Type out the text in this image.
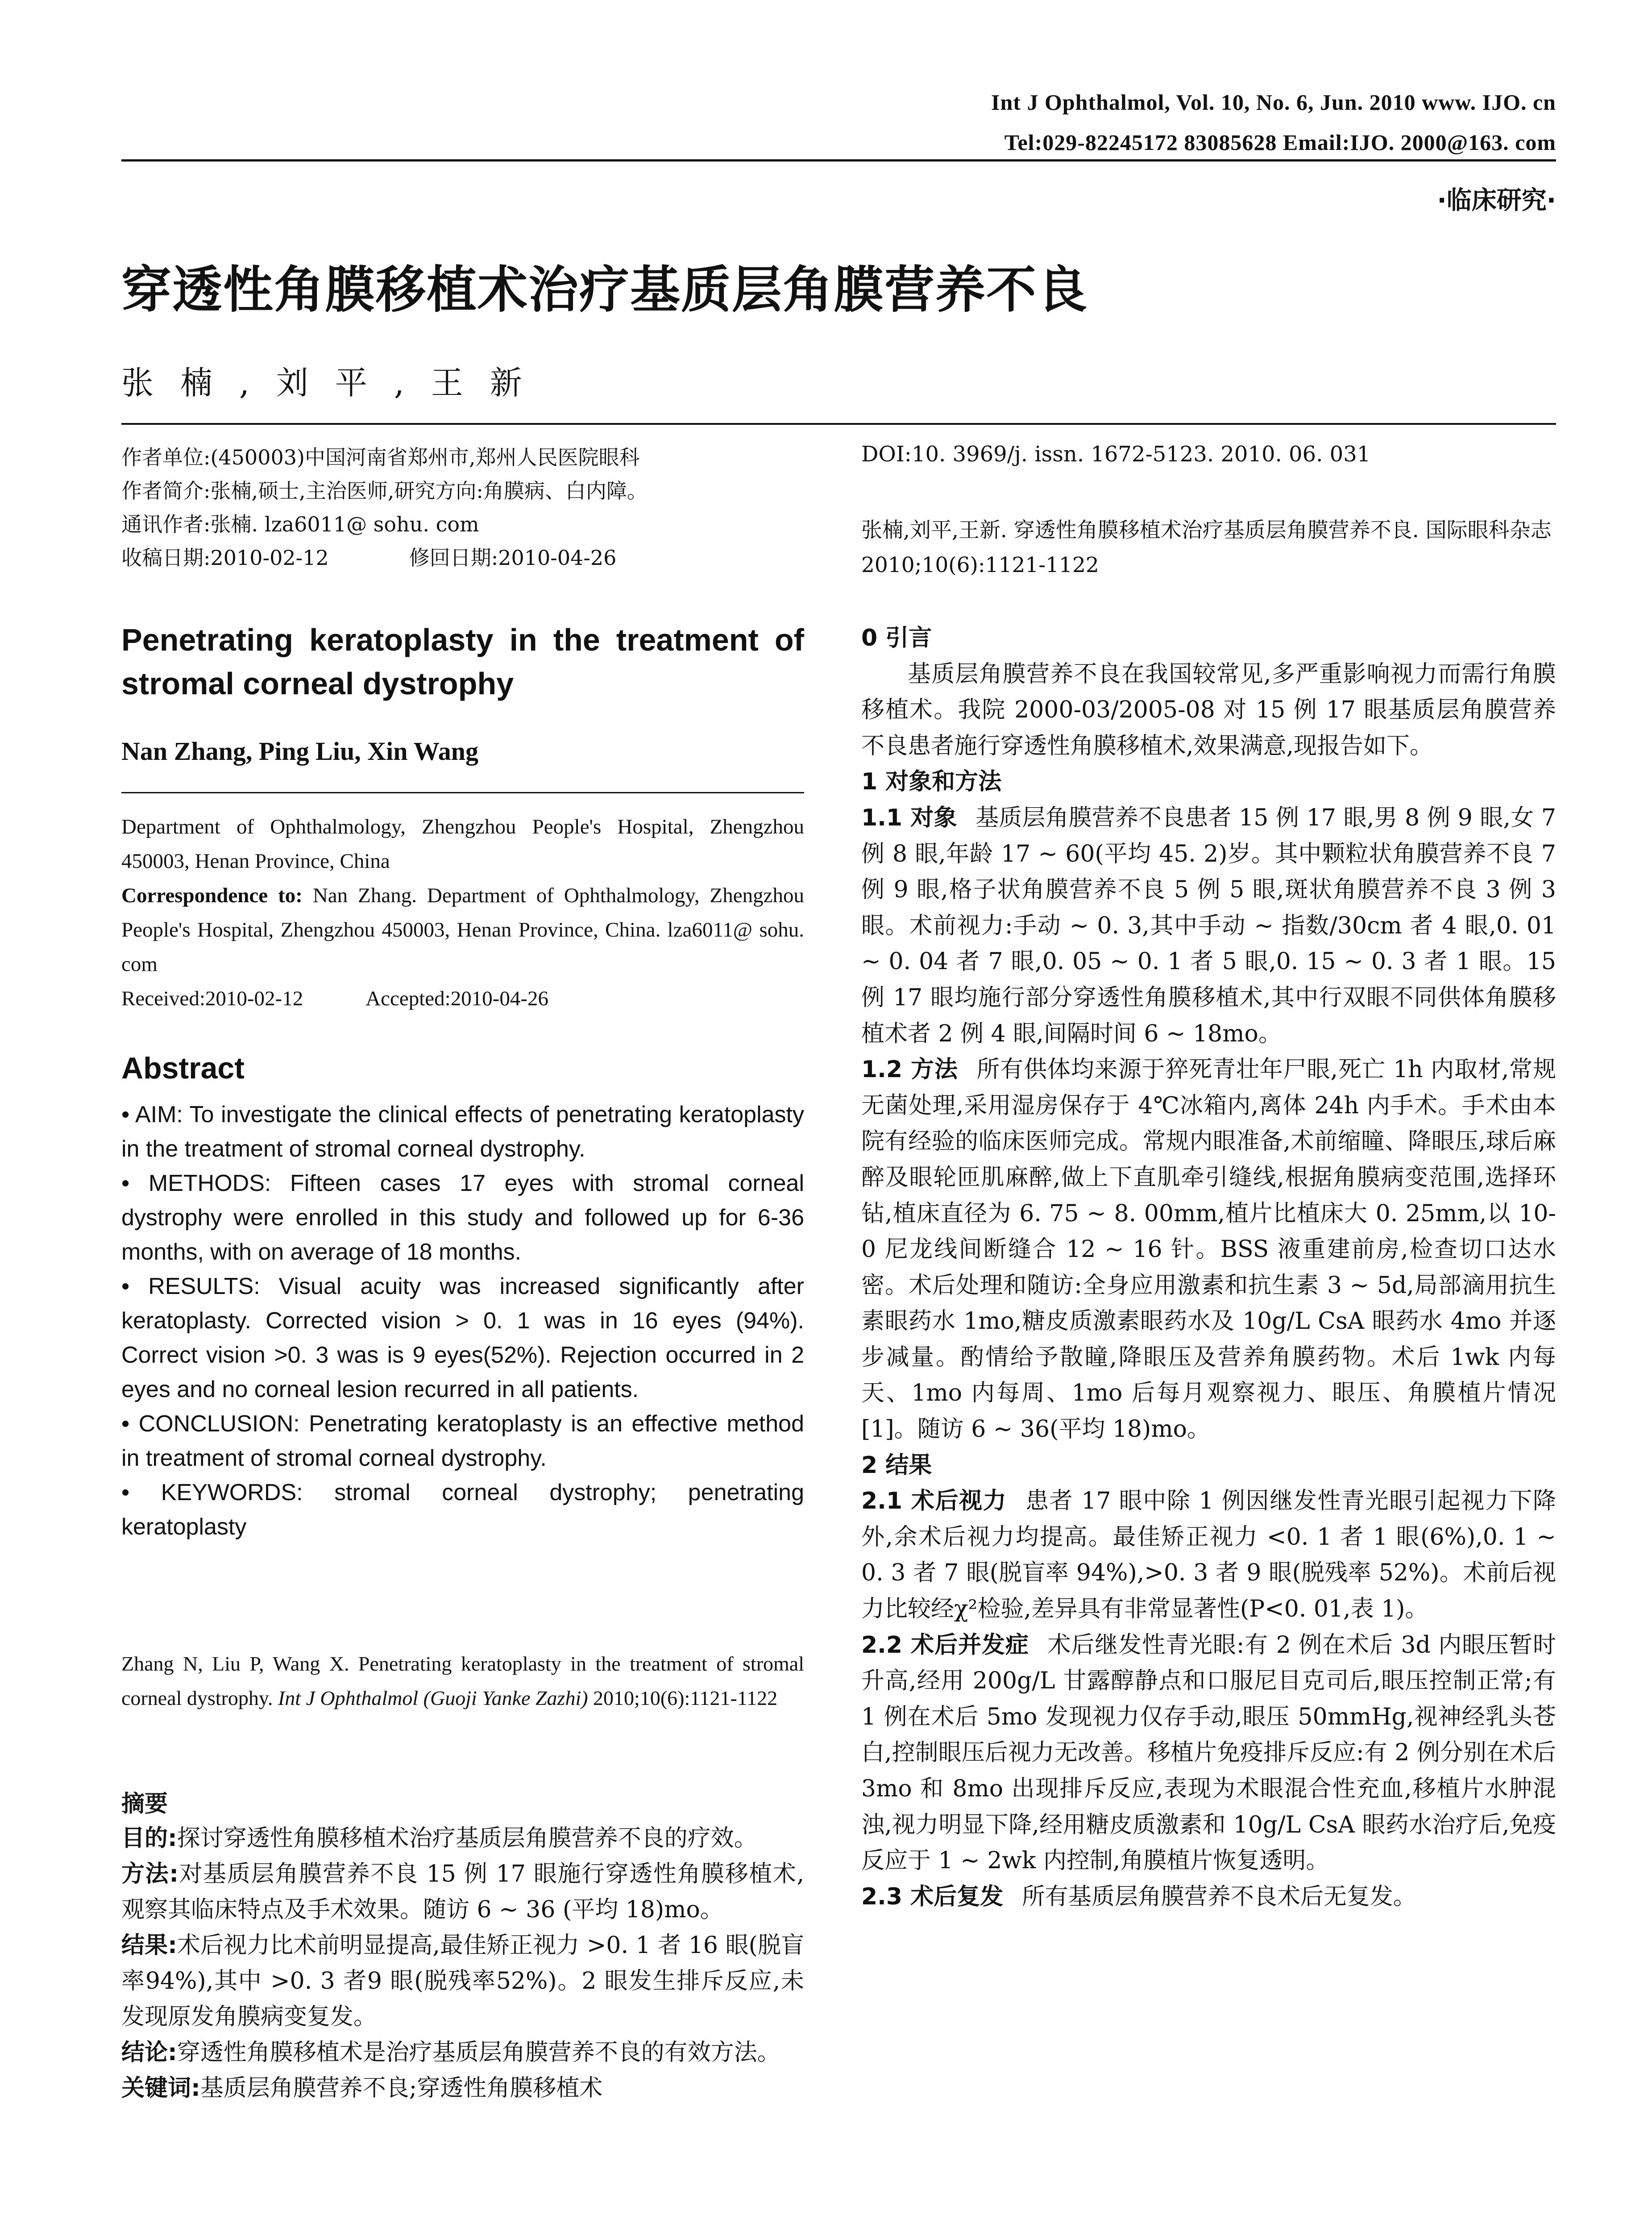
Int J Ophthalmol, Vol. 10, No. 6, Jun. 2010 www. IJO. cn
Tel:029-82245172 83085628 Email:IJO. 2000@163. com
·临床研究·
穿透性角膜移植术治疗基质层角膜营养不良
张楠,刘平,王新
作者单位:(450003)中国河南省郑州市,郑州人民医院眼科
作者简介:张楠,硕士,主治医师,研究方向:角膜病、白内障。
通讯作者:张楠. lza6011@ sohu. com
收稿日期:2010-02-12	修回日期:2010-04-26
Penetrating keratoplasty in the treatment of stromal corneal dystrophy
Nan Zhang, Ping Liu, Xin Wang
Department of Ophthalmology, Zhengzhou People's Hospital, Zhengzhou 450003, Henan Province, China
Correspondence to: Nan Zhang. Department of Ophthalmology, Zhengzhou People's Hospital, Zhengzhou 450003, Henan Province, China. lza6011@ sohu. com
Received:2010-02-12	Accepted:2010-04-26
Abstract

• AIM: To investigate the clinical effects of penetrating keratoplasty in the treatment of stromal corneal dystrophy.

• METHODS: Fifteen cases 17 eyes with stromal corneal dystrophy were enrolled in this study and followed up for 6-36 months, with on average of 18 months.

• RESULTS: Visual acuity was increased significantly after keratoplasty. Corrected vision > 0. 1 was in 16 eyes (94%). Correct vision >0. 3 was is 9 eyes(52%). Rejection occurred in 2 eyes and no corneal lesion recurred in all patients.

• CONCLUSION: Penetrating keratoplasty is an effective method in treatment of stromal corneal dystrophy.

• KEYWORDS: stromal corneal dystrophy; penetrating keratoplasty

Zhang N, Liu P, Wang X. Penetrating keratoplasty in the treatment of stromal corneal dystrophy. Int J Ophthalmol (Guoji Yanke Zazhi) 2010;10(6):1121-1122
摘要

目的:探讨穿透性角膜移植术治疗基质层角膜营养不良的疗效。

方法:对基质层角膜营养不良 15 例 17 眼施行穿透性角膜移植术,观察其临床特点及手术效果。随访 6 ~ 36 (平均 18)mo。

结果:术后视力比术前明显提高,最佳矫正视力 >0. 1 者 16 眼(脱盲率94%),其中 >0. 3 者9 眼(脱残率52%)。2 眼发生排斥反应,未发现原发角膜病变复发。

结论:穿透性角膜移植术是治疗基质层角膜营养不良的有效方法。

关键词:基质层角膜营养不良;穿透性角膜移植术

DOI:10. 3969/j. issn. 1672-5123. 2010. 06. 031
张楠,刘平,王新. 穿透性角膜移植术治疗基质层角膜营养不良. 国际眼科杂志 2010;10(6):1121-1122

0 引言

基质层角膜营养不良在我国较常见,多严重影响视力而需行角膜移植术。我院 2000-03/2005-08 对 15 例 17 眼基质层角膜营养不良患者施行穿透性角膜移植术,效果满意,现报告如下。

1 对象和方法

1.1 对象 基质层角膜营养不良患者 15 例 17 眼,男 8 例 9 眼,女 7 例 8 眼,年龄 17 ~ 60(平均 45. 2)岁。其中颗粒状角膜营养不良 7 例 9 眼,格子状角膜营养不良 5 例 5 眼,斑状角膜营养不良 3 例 3 眼。术前视力:手动 ~ 0. 3,其中手动 ~ 指数/30cm 者 4 眼,0. 01 ~ 0. 04 者 7 眼,0. 05 ~ 0. 1 者 5 眼,0. 15 ~ 0. 3 者 1 眼。15 例 17 眼均施行部分穿透性角膜移植术,其中行双眼不同供体角膜移植术者 2 例 4 眼,间隔时间 6 ~ 18mo。

1.2 方法 所有供体均来源于猝死青壮年尸眼,死亡 1h 内取材,常规无菌处理,采用湿房保存于 4℃冰箱内,离体 24h 内手术。手术由本院有经验的临床医师完成。常规内眼准备,术前缩瞳、降眼压,球后麻醉及眼轮匝肌麻醉,做上下直肌牵引缝线,根据角膜病变范围,选择环钻,植床直径为 6. 75 ~ 8. 00mm,植片比植床大 0. 25mm,以 10-0 尼龙线间断缝合 12 ~ 16 针。BSS 液重建前房,检查切口达水密。术后处理和随访:全身应用激素和抗生素 3 ~ 5d,局部滴用抗生素眼药水 1mo,糖皮质激素眼药水及 10g/L CsA 眼药水 4mo 并逐步减量。酌情给予散瞳,降眼压及营养角膜药物。术后 1wk 内每天、1mo 内每周、1mo 后每月观察视力、眼压、角膜植片情况[1]。随访 6 ~ 36(平均 18)mo。

2 结果

2.1 术后视力 患者 17 眼中除 1 例因继发性青光眼引起视力下降外,余术后视力均提高。最佳矫正视力 <0. 1 者 1 眼(6%),0. 1 ~ 0. 3 者 7 眼(脱盲率 94%),>0. 3 者 9 眼(脱残率 52%)。术前后视力比较经χ²检验,差异具有非常显著性(P<0. 01,表 1)。

2.2 术后并发症 术后继发性青光眼:有 2 例在术后 3d 内眼压暂时升高,经用 200g/L 甘露醇静点和口服尼目克司后,眼压控制正常;有 1 例在术后 5mo 发现视力仅存手动,眼压 50mmHg,视神经乳头苍白,控制眼压后视力无改善。移植片免疫排斥反应:有 2 例分别在术后 3mo 和 8mo 出现排斥反应,表现为术眼混合性充血,移植片水肿混浊,视力明显下降,经用糖皮质激素和 10g/L CsA 眼药水治疗后,免疫反应于 1 ~ 2wk 内控制,角膜植片恢复透明。

2.3 术后复发 所有基质层角膜营养不良术后无复发。
